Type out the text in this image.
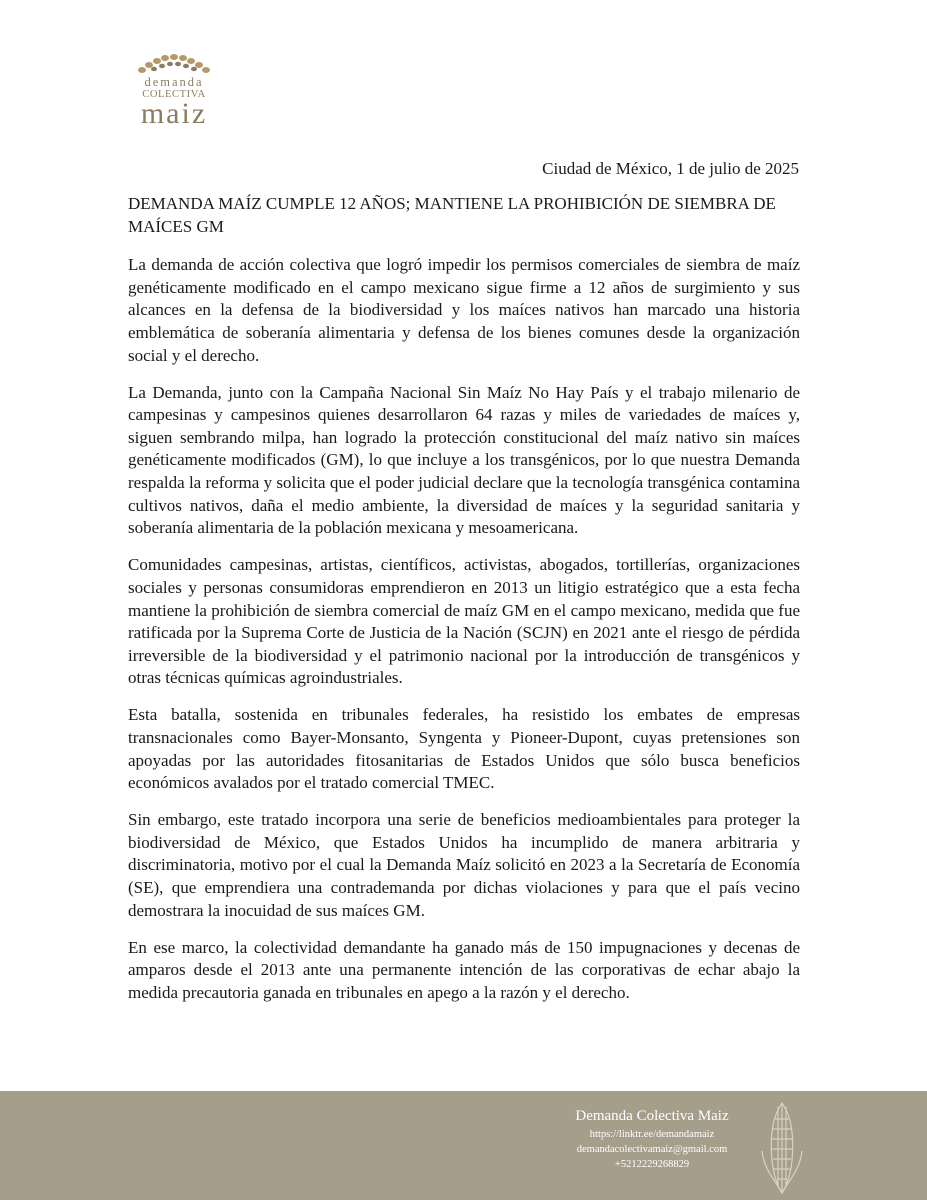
demanda
COLECTIVA
maiz
Ciudad de México, 1 de julio de 2025
DEMANDA MAÍZ CUMPLE 12 AÑOS; MANTIENE LA PROHIBICIÓN DE SIEMBRA DE MAÍCES GM

La demanda de acción colectiva que logró impedir los permisos comerciales de siembra de maíz genéticamente modificado en el campo mexicano sigue firme a 12 años de surgimiento y sus alcances en la defensa de la biodiversidad y los maíces nativos han marcado una historia emblemática de soberanía alimentaria y defensa de los bienes comunes desde la organización social y el derecho.

La Demanda, junto con la Campaña Nacional Sin Maíz No Hay País y el trabajo milenario de campesinas y campesinos quienes desarrollaron 64 razas y miles de variedades de maíces y, siguen sembrando milpa, han logrado la protección constitucional del maíz nativo sin maíces genéticamente modificados (GM), lo que incluye a los transgénicos, por lo que nuestra Demanda respalda la reforma y solicita que el poder judicial declare que la tecnología transgénica contamina cultivos nativos, daña el medio ambiente, la diversidad de maíces y la seguridad sanitaria y soberanía alimentaria de la población mexicana y mesoamericana.

Comunidades campesinas, artistas, científicos, activistas, abogados, tortillerías, organizaciones sociales y personas consumidoras emprendieron en 2013 un litigio estratégico que a esta fecha mantiene la prohibición de siembra comercial de maíz GM en el campo mexicano, medida que fue ratificada por la Suprema Corte de Justicia de la Nación (SCJN) en 2021 ante el riesgo de pérdida irreversible de la biodiversidad y el patrimonio nacional por la introducción de transgénicos y otras técnicas químicas agroindustriales.

Esta batalla, sostenida en tribunales federales, ha resistido los embates de empresas transnacionales como Bayer-Monsanto, Syngenta y Pioneer-Dupont, cuyas pretensiones son apoyadas por las autoridades fitosanitarias de Estados Unidos que sólo busca beneficios económicos avalados por el tratado comercial TMEC.

Sin embargo, este tratado incorpora una serie de beneficios medioambientales para proteger la biodiversidad de México, que Estados Unidos ha incumplido de manera arbitraria y discriminatoria, motivo por el cual la Demanda Maíz solicitó en 2023 a la Secretaría de Economía (SE), que emprendiera una contrademanda por dichas violaciones y para que el país vecino demostrara la inocuidad de sus maíces GM.

En ese marco, la colectividad demandante ha ganado más de 150 impugnaciones y decenas de amparos desde el 2013 ante una permanente intención de las corporativas de echar abajo la medida precautoria ganada en tribunales en apego a la razón y el derecho.

Demanda Colectiva Maiz
https://linktr.ee/demandamaiz
demandacolectivamaiz@gmail.com
+5212229268829
